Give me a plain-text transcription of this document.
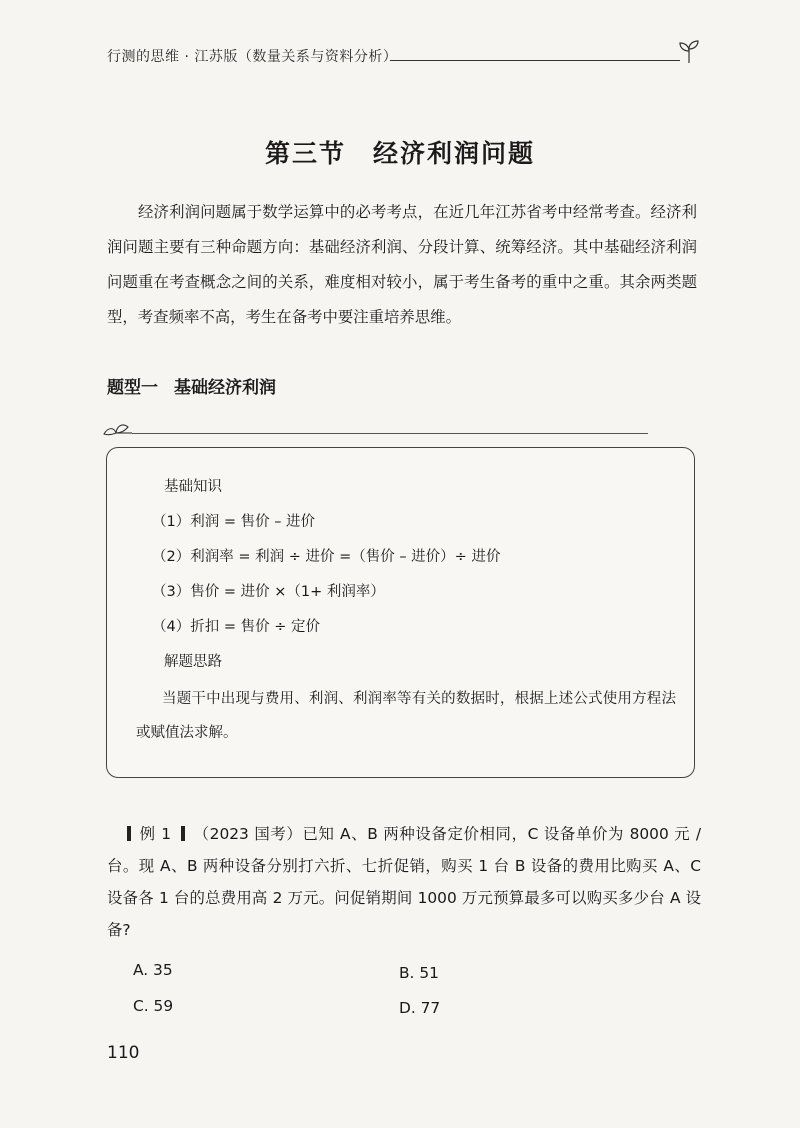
行测的思维 · 江苏版（数量关系与资料分析）
第三节　经济利润问题
经济利润问题属于数学运算中的必考考点，在近几年江苏省考中经常考查。经济利润问题主要有三种命题方向：基础经济利润、分段计算、统筹经济。其中基础经济利润问题重在考查概念之间的关系，难度相对较小，属于考生备考的重中之重。其余两类题型，考查频率不高，考生在备考中要注重培养思维。
题型一 基础经济利润
基础知识
（1）利润 = 售价 – 进价
（2）利润率 = 利润 ÷ 进价 =（售价 – 进价）÷ 进价
（3）售价 = 进价 ×（1+ 利润率）
（4）折扣 = 售价 ÷ 定价
解题思路
当题干中出现与费用、利润、利润率等有关的数据时，根据上述公式使用方程法或赋值法求解。
例 1 （2023 国考）已知 A、B 两种设备定价相同，C 设备单价为 8000 元 / 台。现 A、B 两种设备分别打六折、七折促销，购买 1 台 B 设备的费用比购买 A、C 设备各 1 台的总费用高 2 万元。问促销期间 1000 万元预算最多可以购买多少台 A 设备?
A. 35	B. 51
C. 59	D. 77
110
